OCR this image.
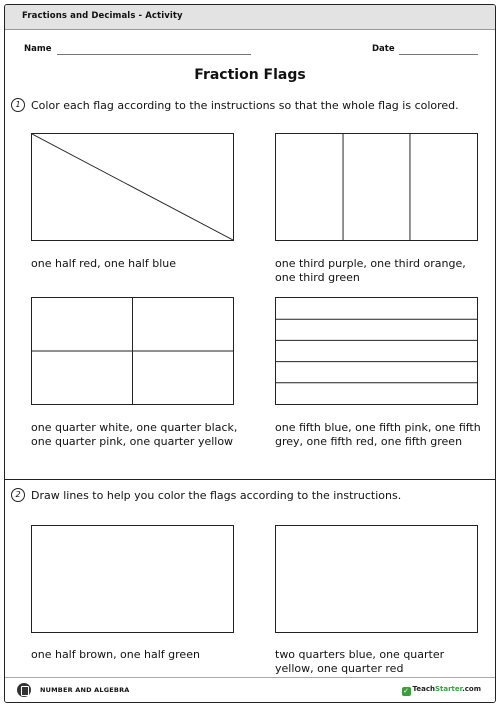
Fractions and Decimals - Activity
Name	Date
Fraction Flags
1 Color each flag according to the instructions so that the whole flag is colored.
one half red, one half blue	one third purple, one third orange, one third green
one quarter white, one quarter black, one quarter pink, one quarter yellow
one fifth blue, one fifth pink, one fifth grey, one fifth red, one fifth green
2 Draw lines to help you color the flags according to the instructions.
one half brown, one half green	two quarters blue, one quarter yellow, one quarter red
NUMBER AND ALGEBRA	✓ TeachStarter.com
